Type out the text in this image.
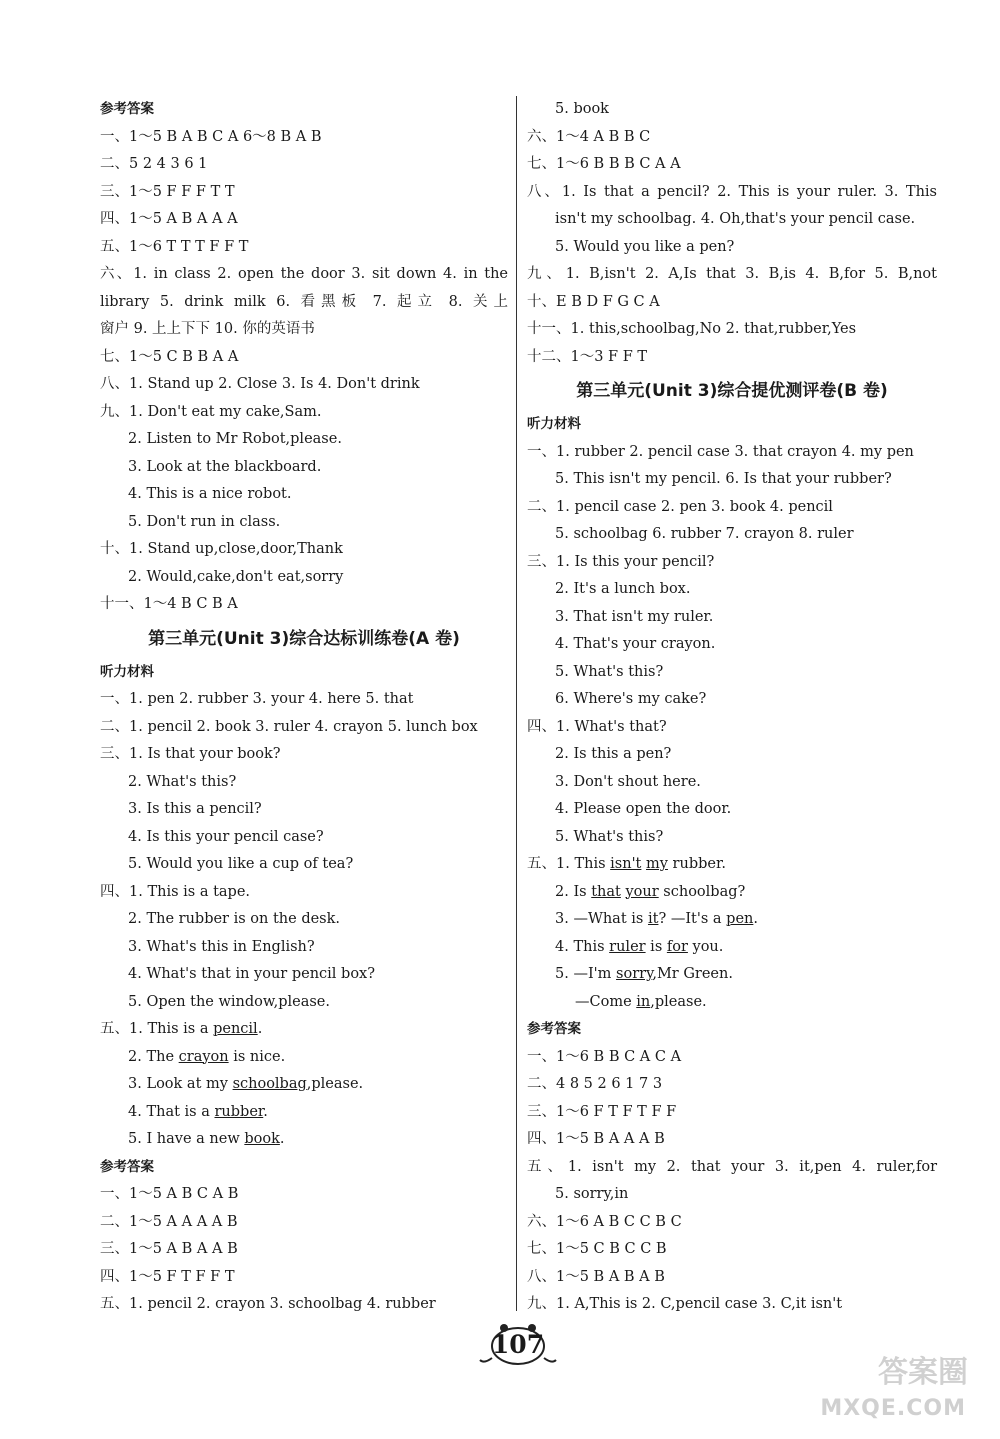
参考答案
一、1～5 B A B C A 6～8 B A B
二、5 2 4 3 6 1
三、1～5 F F F T T
四、1～5 A B A A A
五、1～6 T T T F F T
六、1. in class 2. open the door 3. sit down 4. in the
library 5. drink milk 6. 看黑板 7. 起立 8. 关上
窗户 9. 上上下下 10. 你的英语书
七、1～5 C B B A A
八、1. Stand up 2. Close 3. Is 4. Don't drink
九、1. Don't eat my cake,Sam.
2. Listen to Mr Robot,please.
3. Look at the blackboard.
4. This is a nice robot.
5. Don't run in class.
十、1. Stand up,close,door,Thank
2. Would,cake,don't eat,sorry
十一、1～4 B C B A
第三单元(Unit 3)综合达标训练卷(A 卷)
听力材料
一、1. pen 2. rubber 3. your 4. here 5. that
二、1. pencil 2. book 3. ruler 4. crayon 5. lunch box
三、1. Is that your book?
2. What's this?
3. Is this a pencil?
4. Is this your pencil case?
5. Would you like a cup of tea?
四、1. This is a tape.
2. The rubber is on the desk.
3. What's this in English?
4. What's that in your pencil box?
5. Open the window,please.
五、1. This is a pencil.
2. The crayon is nice.
3. Look at my schoolbag,please.
4. That is a rubber.
5. I have a new book.
参考答案
一、1～5 A B C A B
二、1～5 A A A A B
三、1～5 A B A A B
四、1～5 F T F F T
五、1. pencil 2. crayon 3. schoolbag 4. rubber
5. book
六、1～4 A B B C
七、1～6 B B B C A A
八、1. Is that a pencil? 2. This is your ruler. 3. This
isn't my schoolbag. 4. Oh,that's your pencil case.
5. Would you like a pen?
九、1. B,isn't 2. A,Is that 3. B,is 4. B,for 5. B,not
十、E B D F G C A
十一、1. this,schoolbag,No 2. that,rubber,Yes
十二、1～3 F F T
第三单元(Unit 3)综合提优测评卷(B 卷)
听力材料
一、1. rubber 2. pencil case 3. that crayon 4. my pen
5. This isn't my pencil. 6. Is that your rubber?
二、1. pencil case 2. pen 3. book 4. pencil
5. schoolbag 6. rubber 7. crayon 8. ruler
三、1. Is this your pencil?
2. It's a lunch box.
3. That isn't my ruler.
4. That's your crayon.
5. What's this?
6. Where's my cake?
四、1. What's that?
2. Is this a pen?
3. Don't shout here.
4. Please open the door.
5. What's this?
五、1. This isn't my rubber.
2. Is that your schoolbag?
3. —What is it? —It's a pen.
4. This ruler is for you.
5. —I'm sorry,Mr Green.
—Come in,please.
参考答案
一、1～6 B B C A C A
二、4 8 5 2 6 1 7 3
三、1～6 F T F T F F
四、1～5 B A A A B
五、1. isn't my 2. that your 3. it,pen 4. ruler,for
5. sorry,in
六、1～6 A B C C B C
七、1～5 C B C C B
八、1～5 B A B A B
九、1. A,This is 2. C,pencil case 3. C,it isn't
107
答案圈
MXQE.COM
